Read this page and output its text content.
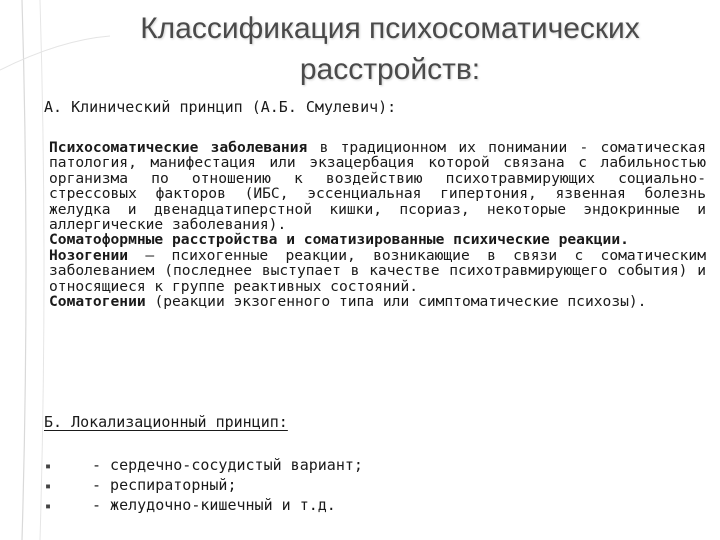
Классификация психосоматических
расстройств:
А. Клинический принцип (А.Б. Смулевич):

Психосоматические заболевания в традиционном их понимании - соматическая патология, манифестация или экзацербация которой связана с лабильностью организма по отношению к воздействию психотравмирующих социально-стрессовых факторов (ИБС, эссенциальная гипертония, язвенная болезнь желудка и двенадцатиперстной кишки, псориаз, некоторые эндокринные и аллергические заболевания).

Соматоформные расстройства и соматизированные психические реакции.

Нозогении — психогенные реакции, возникающие в связи с соматическим заболеванием (последнее выступает в качестве психотравмирующего события) и относящиеся к группе реактивных состояний.

Соматогении (реакции экзогенного типа или симптоматические психозы).

Б. Локализационный принцип:
▪	- сердечно-сосудистый вариант;
▪	- респираторный;
▪	- желудочно-кишечный и т.д.
